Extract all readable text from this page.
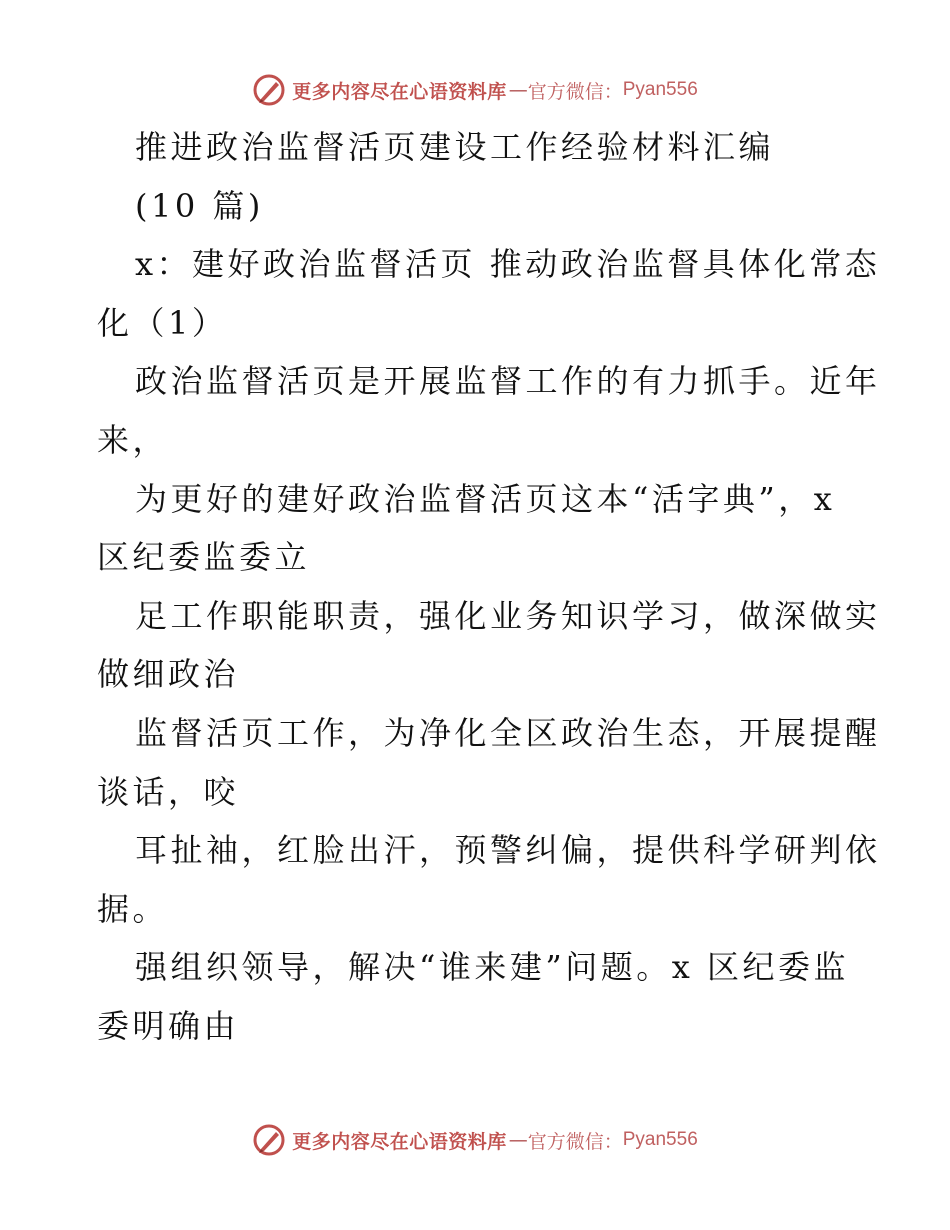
更多内容尽在心语资料库 — 官方微信： Pyan556

推进政治监督活页建设工作经验材料汇编

(10 篇)

x：建好政治监督活页 推动政治监督具体化常态

化（1）

政治监督活页是开展监督工作的有力抓手。近年

来，

为更好的建好政治监督活页这本“活字典”，x

区纪委监委立

足工作职能职责，强化业务知识学习，做深做实

做细政治

监督活页工作，为净化全区政治生态，开展提醒

谈话，咬

耳扯袖，红脸出汗，预警纠偏，提供科学研判依

据。

强组织领导，解决“谁来建”问题。x 区纪委监

委明确由

更多内容尽在心语资料库 — 官方微信： Pyan556
